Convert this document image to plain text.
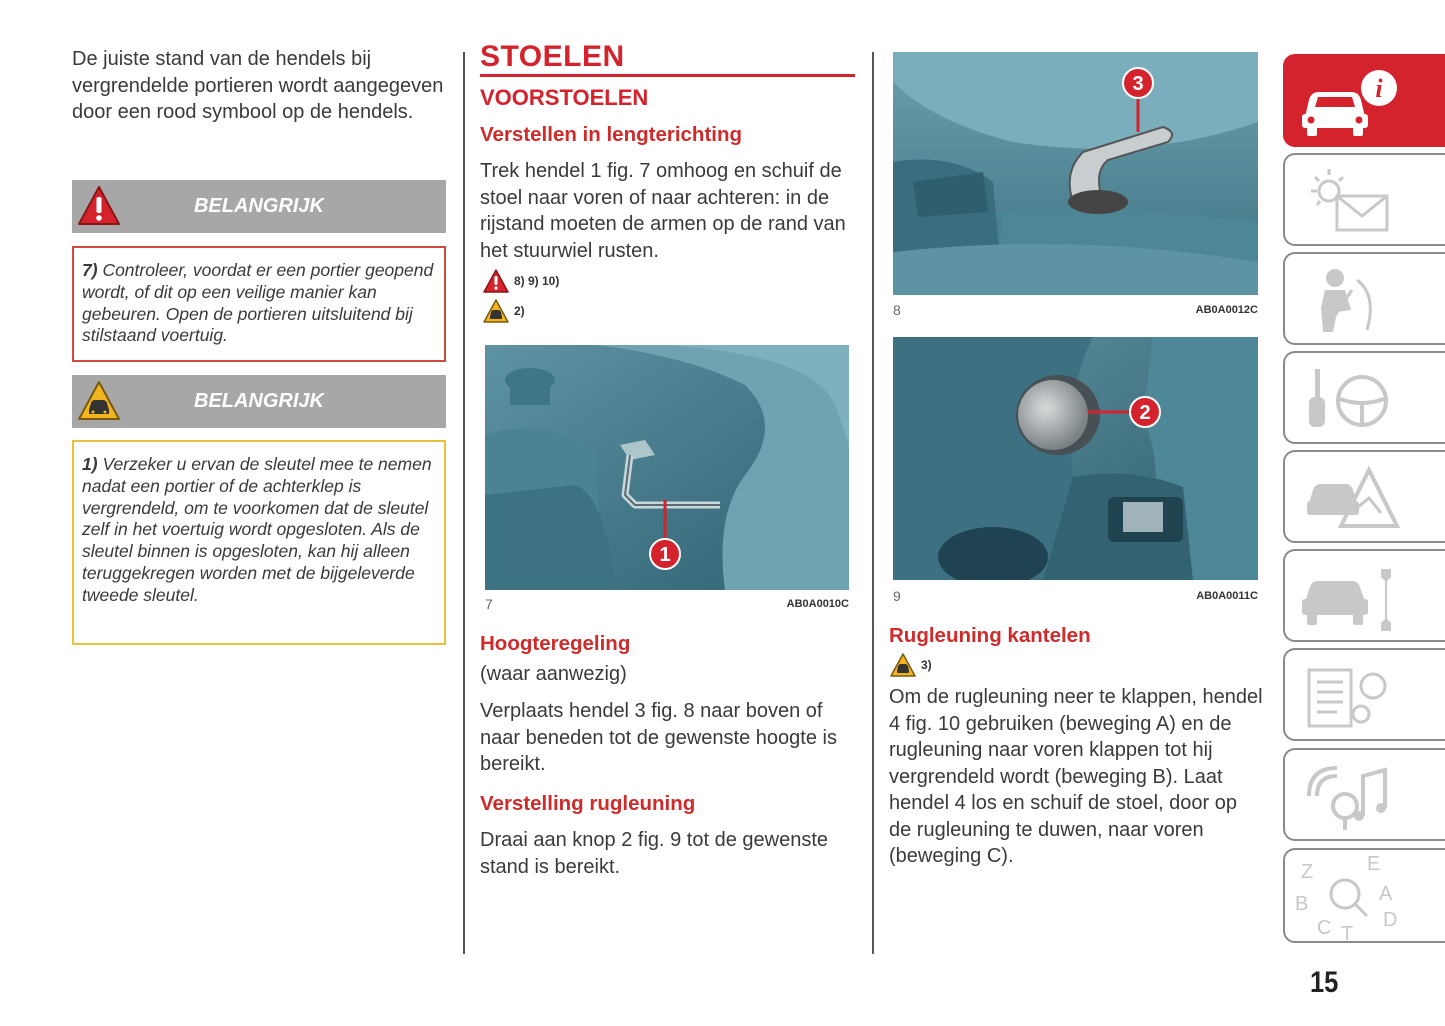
De juiste stand van de hendels bij vergrendelde portieren wordt aangegeven door een rood symbool op de hendels.
BELANGRIJK
7) Controleer, voordat er een portier geopend wordt, of dit op een veilige manier kan gebeuren. Open de portieren uitsluitend bij stilstaand voertuig.
BELANGRIJK
1) Verzeker u ervan de sleutel mee te nemen nadat een portier of de achterklep is vergrendeld, om te voorkomen dat de sleutel zelf in het voertuig wordt opgesloten. Als de sleutel binnen is opgesloten, kan hij alleen teruggekregen worden met de bijgeleverde tweede sleutel.
STOELEN
VOORSTOELEN
Verstellen in lengterichting
Trek hendel 1 fig. 7 omhoog en schuif de stoel naar voren of naar achteren: in de rijstand moeten de armen op de rand van het stuurwiel rusten.
8) 9) 10)
2)
1
7	AB0A0010C
Hoogteregeling
(waar aanwezig)
Verplaats hendel 3 fig. 8 naar boven of naar beneden tot de gewenste hoogte is bereikt.
Verstelling rugleuning
Draai aan knop 2 fig. 9 tot de gewenste stand is bereikt.
3
8	AB0A0012C
2
9	AB0A0011C
Rugleuning kantelen
3)
Om de rugleuning neer te klappen, hendel 4 fig. 10 gebruiken (beweging A) en de rugleuning naar voren klappen tot hij vergrendeld wordt (beweging B). Laat hendel 4 los en schuif de stoel, door op de rugleuning te duwen, naar voren (beweging C).
i
Z	E
B	A
C	D
T
15
